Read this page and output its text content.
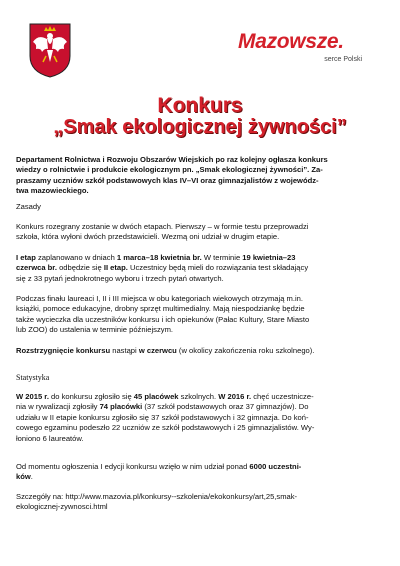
Mazowsze.
serce Polski
Konkurs
„Smak ekologicznej żywności”
Departament Rolnictwa i Rozwoju Obszarów Wiejskich po raz kolejny ogłasza konkurs
wiedzy o rolnictwie i produkcie ekologicznym pn. „Smak ekologicznej żywności”. Za-
praszamy uczniów szkół podstawowych klas IV–VI oraz gimnazjalistów z wojewódz-
twa mazowieckiego.
Zasady
Konkurs rozegrany zostanie w dwóch etapach. Pierwszy – w formie testu przeprowadzi
szkoła, która wyłoni dwóch przedstawicieli. Wezmą oni udział w drugim etapie.
I etap zaplanowano w dniach 1 marca–18 kwietnia br. W terminie 19 kwietnia–23
czerwca br. odbędzie się II etap. Uczestnicy będą mieli do rozwiązania test składający
się z 33 pytań jednokrotnego wyboru i trzech pytań otwartych.
Podczas finału laureaci I, II i III miejsca w obu kategoriach wiekowych otrzymają m.in.
książki, pomoce edukacyjne, drobny sprzęt multimedialny. Mają niespodziankę będzie
także wycieczka dla uczestników konkursu i ich opiekunów (Pałac Kultury, Stare Miasto
lub ZOO) do ustalenia w terminie późniejszym.
Rozstrzygnięcie konkursu nastąpi w czerwcu (w okolicy zakończenia roku szkolnego).
Statystyka
W 2015 r. do konkursu zgłosiło się 45 placówek szkolnych. W 2016 r. chęć uczestnicze-
nia w rywalizacji zgłosiły 74 placówki (37 szkół podstawowych oraz 37 gimnazjów). Do
udziału w II etapie konkursu zgłosiło się 37 szkół podstawowych i 32 gimnazja. Do koń-
cowego egzaminu podeszło 22 uczniów ze szkół podstawowych i 25 gimnazjalistów. Wy-
łoniono 6 laureatów.
Od momentu ogłoszenia I edycji konkursu wzięło w nim udział ponad 6000 uczestni-
ków.
Szczegóły na: http://www.mazovia.pl/konkursy--szkolenia/ekokonkursy/art,25,smak-
ekologicznej-zywnosci.html
